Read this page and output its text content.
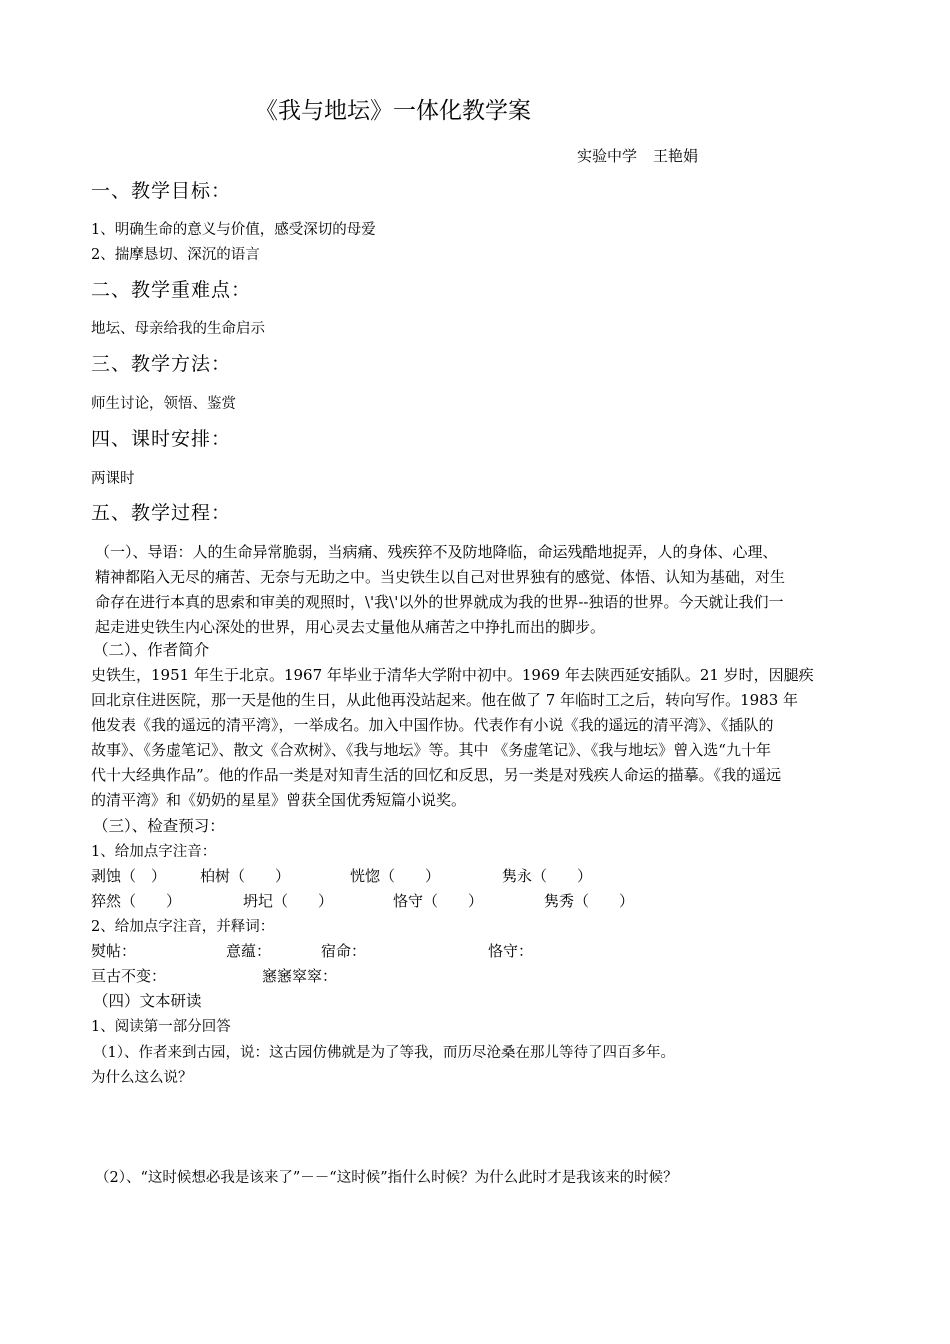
《我与地坛》一体化教学案
实验中学 王艳娟
一、教学目标：
1、明确生命的意义与价值，感受深切的母爱
2、揣摩恳切、深沉的语言
二、教学重难点：
地坛、母亲给我的生命启示
三、教学方法：
师生讨论，领悟、鉴赏
四、课时安排：
两课时
五、教学过程：
（一）、导语：人的生命异常脆弱，当病痛、残疾猝不及防地降临，命运残酷地捉弄，人的身体、心理、
精神都陷入无尽的痛苦、无奈与无助之中。当史铁生以自己对世界独有的感觉、体悟、认知为基础，对生
命存在进行本真的思索和审美的观照时，\'我\'以外的世界就成为我的世界--独语的世界。今天就让我们一
起走进史铁生内心深处的世界，用心灵去丈量他从痛苦之中挣扎而出的脚步。
（二）、作者简介
史铁生，1951 年生于北京。1967 年毕业于清华大学附中初中。1969 年去陕西延安插队。21 岁时，因腿疾
回北京住进医院，那一天是他的生日，从此他再没站起来。他在做了 7 年临时工之后，转向写作。1983 年
他发表《我的遥远的清平湾》，一举成名。加入中国作协。代表作有小说《我的遥远的清平湾》、《插队的
故事》、《务虚笔记》、散文《合欢树》、《我与地坛》等。其中 《务虚笔记》、《我与地坛》曾入选“九十年
代十大经典作品”。他的作品一类是对知青生活的回忆和反思，另一类是对残疾人命运的描摹。《我的遥远
的清平湾》和《奶奶的星星》曾获全国优秀短篇小说奖。
（三）、检查预习：
1、给加点字注音：
剥蚀（　） 柏树（　　）	恍惚（　　）	隽永（　　）
猝然（　　）	坍圮（　　）	恪守（　　）	隽秀（　　）
2、给加点字注音，并释词：
熨帖：	意蕴：	宿命：	恪守：
亘古不变：	窸窸窣窣：
（四）文本研读
1、阅读第一部分回答
（1）、作者来到古园，说：这古园仿佛就是为了等我，而历尽沧桑在那儿等待了四百多年。
为什么这么说？
（2）、“这时候想必我是该来了”－－“这时候”指什么时候？为什么此时才是我该来的时候？
